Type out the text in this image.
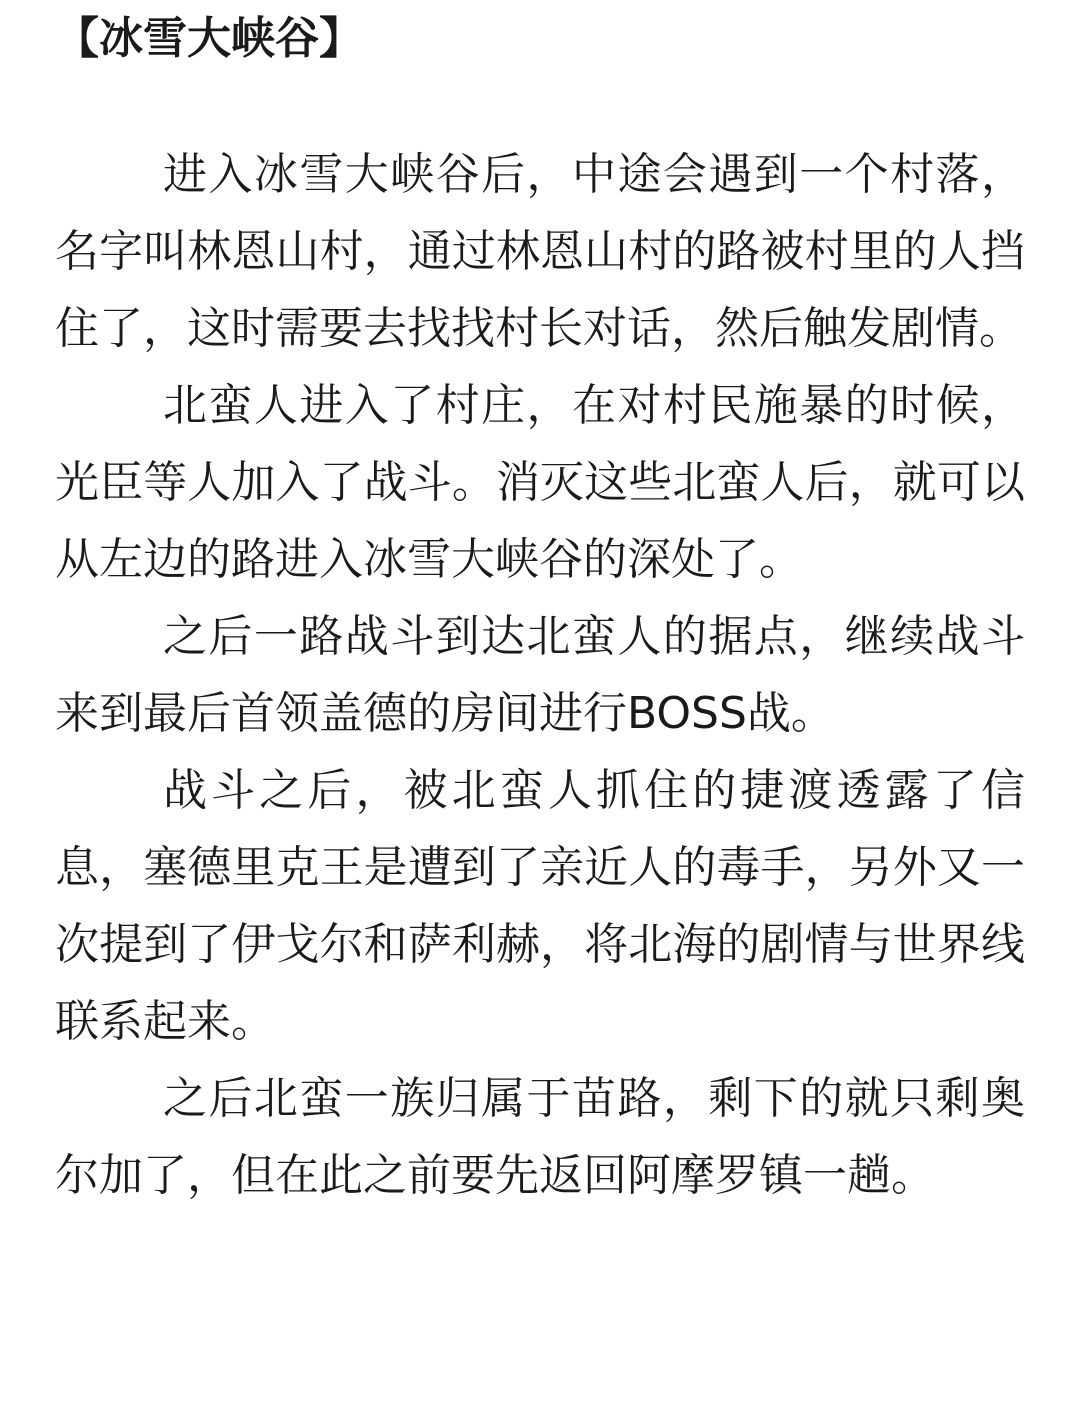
【冰雪大峡谷】

进入冰雪大峡谷后，中途会遇到一个村落，名字叫林恩山村，通过林恩山村的路被村里的人挡住了，这时需要去找找村长对话，然后触发剧情。

北蛮人进入了村庄，在对村民施暴的时候，光臣等人加入了战斗。消灭这些北蛮人后，就可以从左边的路进入冰雪大峡谷的深处了。

之后一路战斗到达北蛮人的据点，继续战斗来到最后首领盖德的房间进行BOSS战。

战斗之后，被北蛮人抓住的捷渡透露了信息，塞德里克王是遭到了亲近人的毒手，另外又一次提到了伊戈尔和萨利赫，将北海的剧情与世界线联系起来。

之后北蛮一族归属于苗路，剩下的就只剩奥尔加了，但在此之前要先返回阿摩罗镇一趟。
